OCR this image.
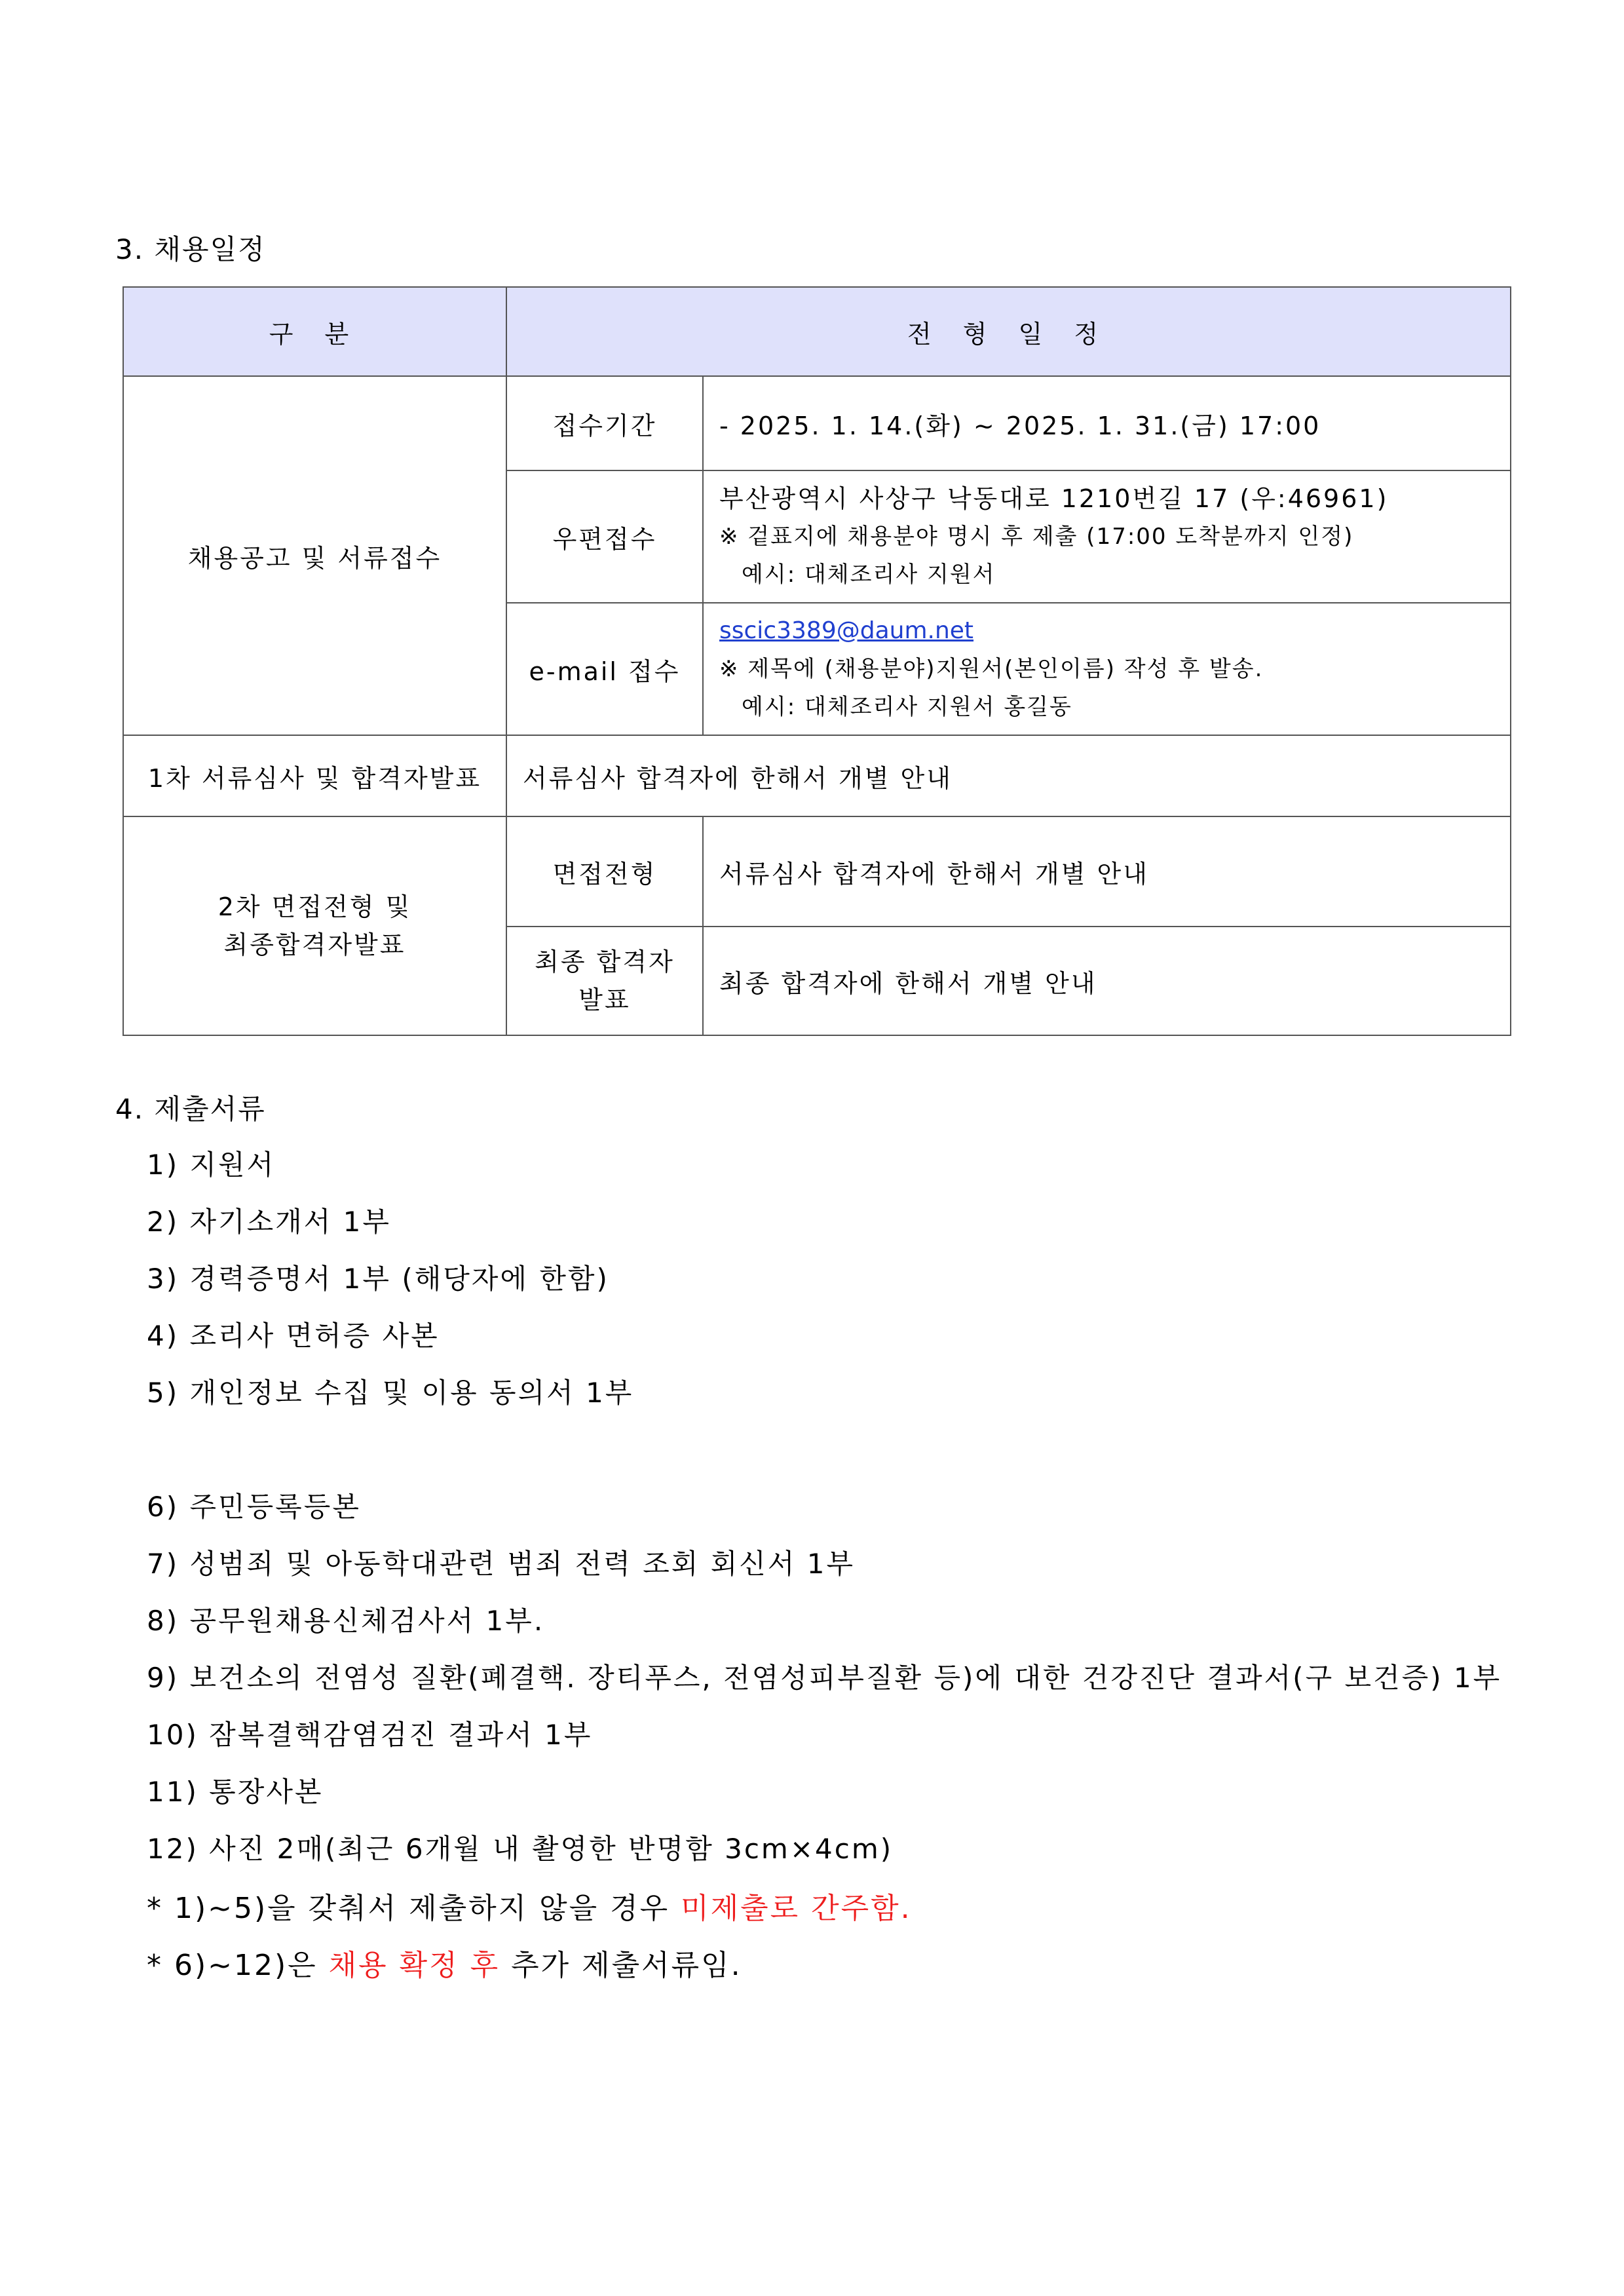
3. 채용일정
구 분	전 형 일 정	
채용공고 및 서류접수	접수기간	- 2025. 1. 14.(화) ~ 2025. 1. 31.(금) 17:00
	우편접수	부산광역시 사상구 낙동대로 1210번길 17 (우:46961)
※ 겉표지에 채용분야 명시 후 제출 (17:00 도착분까지 인정)
예시: 대체조리사 지원서

	e-mail 접수	sscic3389@daum.net
※ 제목에 (채용분야)지원서(본인이름) 작성 후 발송.
예시: 대체조리사 지원서 홍길동

1차 서류심사 및 합격자발표	서류심사 합격자에 한해서 개별 안내	

2차 면접전형 및
최종합격자발표	면접전형	서류심사 합격자에 한해서 개별 안내

	최종 합격자
발표	최종 합격자에 한해서 개별 안내
4. 제출서류
1) 지원서
2) 자기소개서 1부
3) 경력증명서 1부 (해당자에 한함)
4) 조리사 면허증 사본
5) 개인정보 수집 및 이용 동의서 1부
6) 주민등록등본
7) 성범죄 및 아동학대관련 범죄 전력 조회 회신서 1부
8) 공무원채용신체검사서 1부.
9) 보건소의 전염성 질환(폐결핵. 장티푸스, 전염성피부질환 등)에 대한 건강진단 결과서(구 보건증) 1부
10) 잠복결핵감염검진 결과서 1부
11) 통장사본
12) 사진 2매(최근 6개월 내 촬영한 반명함 3cm×4cm)
* 1)~5)을 갖춰서 제출하지 않을 경우 미제출로 간주함.
* 6)~12)은 채용 확정 후 추가 제출서류임.
